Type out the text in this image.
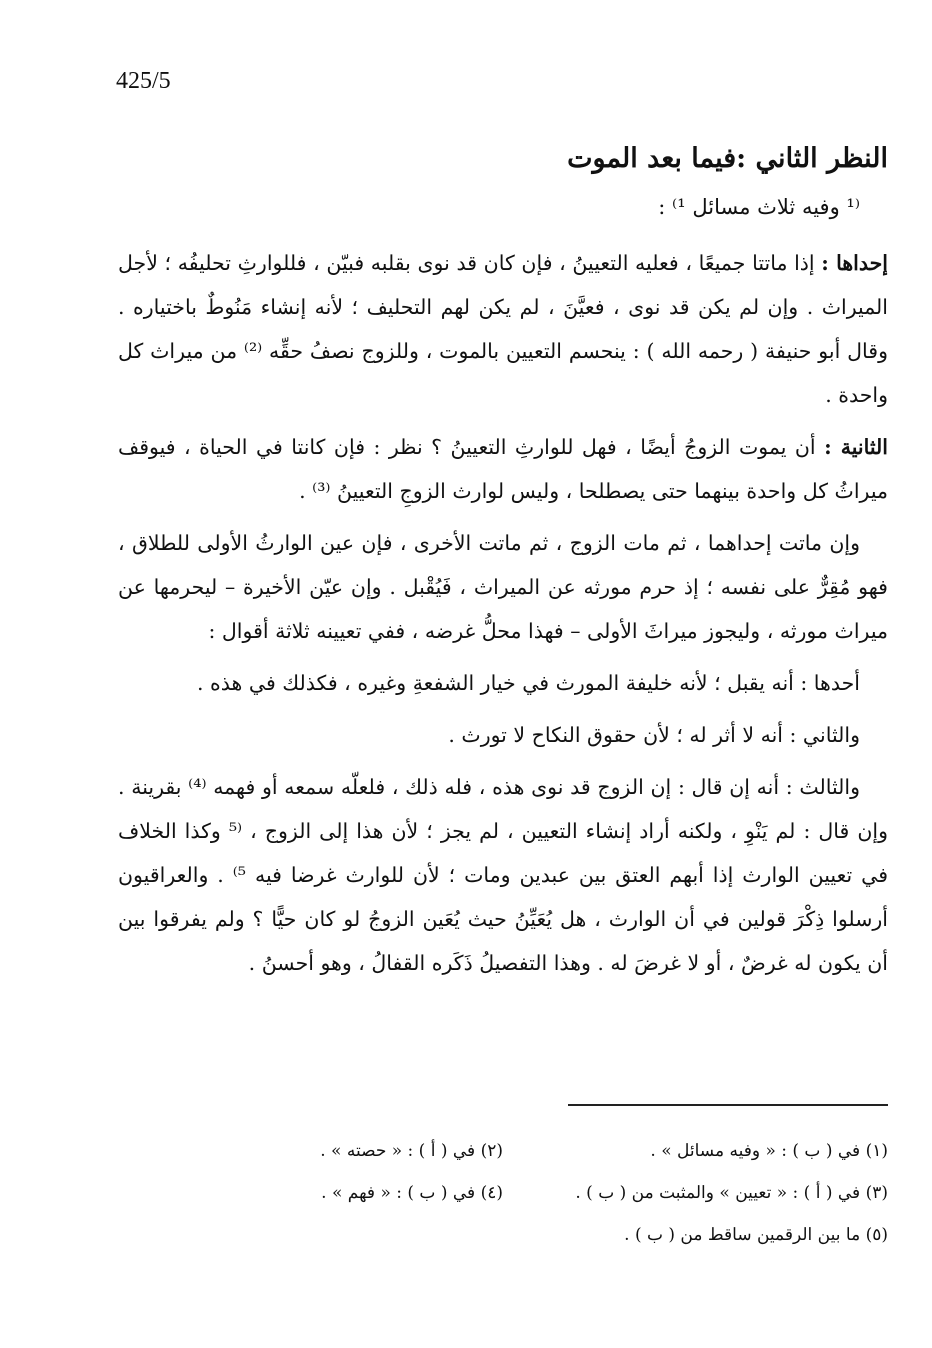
425/5
النظر الثاني :فيما بعد الموت
⁽¹ وفيه ثلاث مسائل ¹⁾ :

إحداها : إذا ماتتا جميعًا ، فعليه التعيينُ ، فإن كان قد نوى بقلبه فبيّن ، فللوارثِ تحليفُه ؛ لأجل الميراث . وإن لم يكن قد نوى ، فعيَّنَ ، لم يكن لهم التحليف ؛ لأنه إنشاء مَنُوطٌ باختياره . وقال أبو حنيفة ( رحمه الله ) : ينحسم التعيين بالموت ، وللزوج نصفُ حقِّه ⁽²⁾ من ميراث كل واحدة .

الثانية : أن يموت الزوجُ أيضًا ، فهل للوارثِ التعيينُ ؟ نظر : فإن كانتا في الحياة ، فيوقف ميراثُ كل واحدة بينهما حتى يصطلحا ، وليس لوارث الزوجِ التعيينُ ⁽³⁾ .

وإن ماتت إحداهما ، ثم مات الزوج ، ثم ماتت الأخرى ، فإن عين الوارثُ الأولى للطلاق ، فهو مُقِرٌّ على نفسه ؛ إذ حرم مورثه عن الميراث ، فَيُقْبل . وإن عيّن الأخيرة – ليحرمها عن ميراث مورثه ، وليجوز ميراثَ الأولى – فهذا محلُّ غرضه ، ففي تعيينه ثلاثة أقوال :

أحدها : أنه يقبل ؛ لأنه خليفة المورث في خيار الشفعةِ وغيره ، فكذلك في هذه .

والثاني : أنه لا أثر له ؛ لأن حقوق النكاح لا تورث .

والثالث : أنه إن قال : إن الزوج قد نوى هذه ، فله ذلك ، فلعلّه سمعه أو فهمه ⁽⁴⁾ بقرينة . وإن قال : لم يَنْوِ ، ولكنه أراد إنشاء التعيين ، لم يجز ؛ لأن هذا إلى الزوج ، ⁽⁵ وكذا الخلاف في تعيين الوارث إذا أبهم العتق بين عبدين ومات ؛ لأن للوارث غرضا فيه ⁵⁾ . والعراقيون أرسلوا ذِكْرَ قولين في أن الوارث ، هل يُعَيِّنُ حيث يُعَين الزوجُ لو كان حيًّا ؟ ولم يفرقوا بين أن يكون له غرضٌ ، أو لا غرضَ له . وهذا التفصيلُ ذَكَره القفالُ ، وهو أحسنُ .

(١) في ( ب ) : « وفيه مسائل » .
(٢) في ( أ ) : « حصته » .
(٣) في ( أ ) : « تعيين » والمثبت من ( ب ) .
(٤) في ( ب ) : « فهم » .
(٥) ما بين الرقمين ساقط من ( ب ) .
